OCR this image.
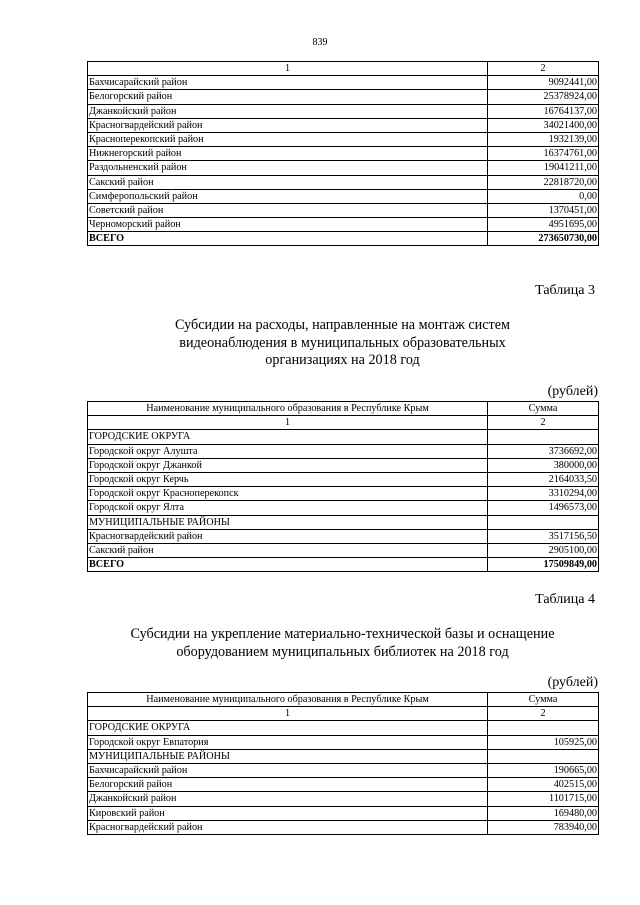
839
1	2
Бахчисарайский район	9092441,00
Белогорский район	25378924,00
Джанкойский район	16764137,00
Красногвардейский район	34021400,00
Красноперекопский район	1932139,00
Нижнегорский район	16374761,00
Раздольненский район	19041211,00
Сакский район	22818720,00
Симферопольский район	0,00
Советский район	1370451,00
Черноморский район	4951695,00
ВСЕГО	273650730,00
Таблица 3
Субсидии на расходы, направленные на монтаж систем
видеонаблюдения в муниципальных образовательных
организациях на 2018 год
(рублей)
Наименование муниципального образования в Республике Крым	Сумма
1	2
ГОРОДСКИЕ ОКРУГА	
Городской округ Алушта	3736692,00
Городской округ Джанкой	380000,00
Городской округ Керчь	2164033,50
Городской округ Красноперекопск	3310294,00
Городской округ Ялта	1496573,00
МУНИЦИПАЛЬНЫЕ РАЙОНЫ	
Красногвардейский район	3517156,50
Сакский район	2905100,00
ВСЕГО	17509849,00
Таблица 4
Субсидии на укрепление материально-технической базы и оснащение
оборудованием муниципальных библиотек на 2018 год
(рублей)
Наименование муниципального образования в Республике Крым	Сумма
1	2
ГОРОДСКИЕ ОКРУГА	
Городской округ Евпатория	105925,00
МУНИЦИПАЛЬНЫЕ РАЙОНЫ	
Бахчисарайский район	190665,00
Белогорский район	402515,00
Джанкойский район	1101715,00
Кировский район	169480,00
Красногвардейский район	783940,00
